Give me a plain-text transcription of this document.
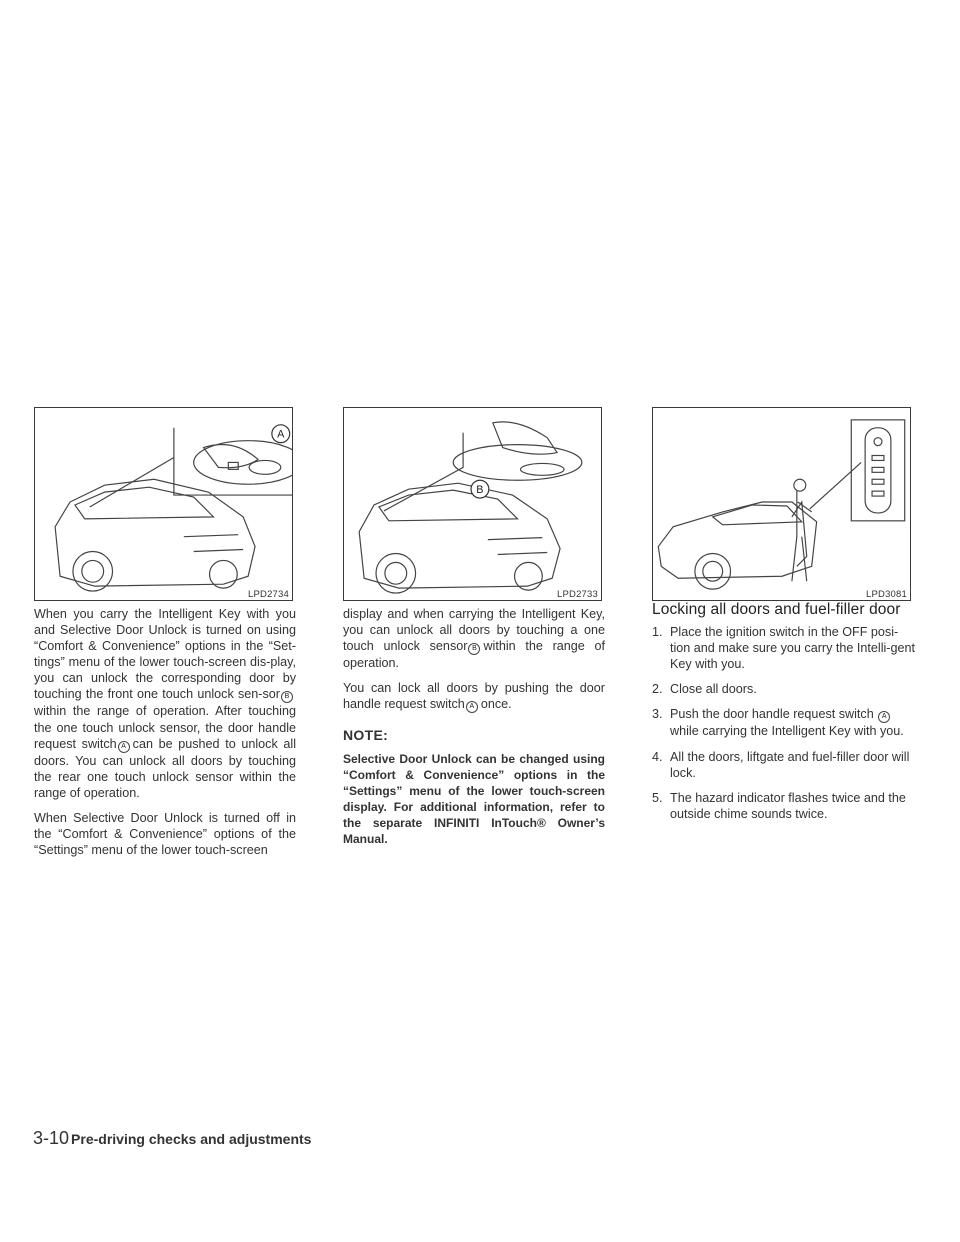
A
LPD2734
B
LPD2733	LPD3081

When you carry the Intelligent Key with you and Selective Door Unlock is turned on using “Comfort & Convenience” options in the “Set-tings” menu of the lower touch-screen dis-play, you can unlock the corresponding door by touching the front one touch unlock sen-sor Bwithin the range of operation. After touching the one touch unlock sensor, the door handle request switch A can be pushed to unlock all doors. You can unlock all doors by touching the rear one touch unlock sensor within the range of operation.

When Selective Door Unlock is turned off in the “Comfort & Convenience” options of the “Settings” menu of the lower touch-screen

display and when carrying the Intelligent Key, you can unlock all doors by touching a one touch unlock sensor B within the range of operation.

You can lock all doors by pushing the door handle request switch A once.

NOTE:
Selective Door Unlock can be changed using “Comfort & Convenience” options in the “Settings” menu of the lower touch-screen display. For additional information, refer to the separate INFINITI InTouch® Owner’s Manual.
Locking all doors and fuel-filler door
1. Place the ignition switch in the OFF posi-tion and make sure you carry the Intelli-gent Key with you.
2. Close all doors.
3. Push the door handle request switch A while carrying the Intelligent Key with you.
4. All the doors, liftgate and fuel-filler door will lock.
5. The hazard indicator flashes twice and the outside chime sounds twice.
3-10 Pre-driving checks and adjustments
